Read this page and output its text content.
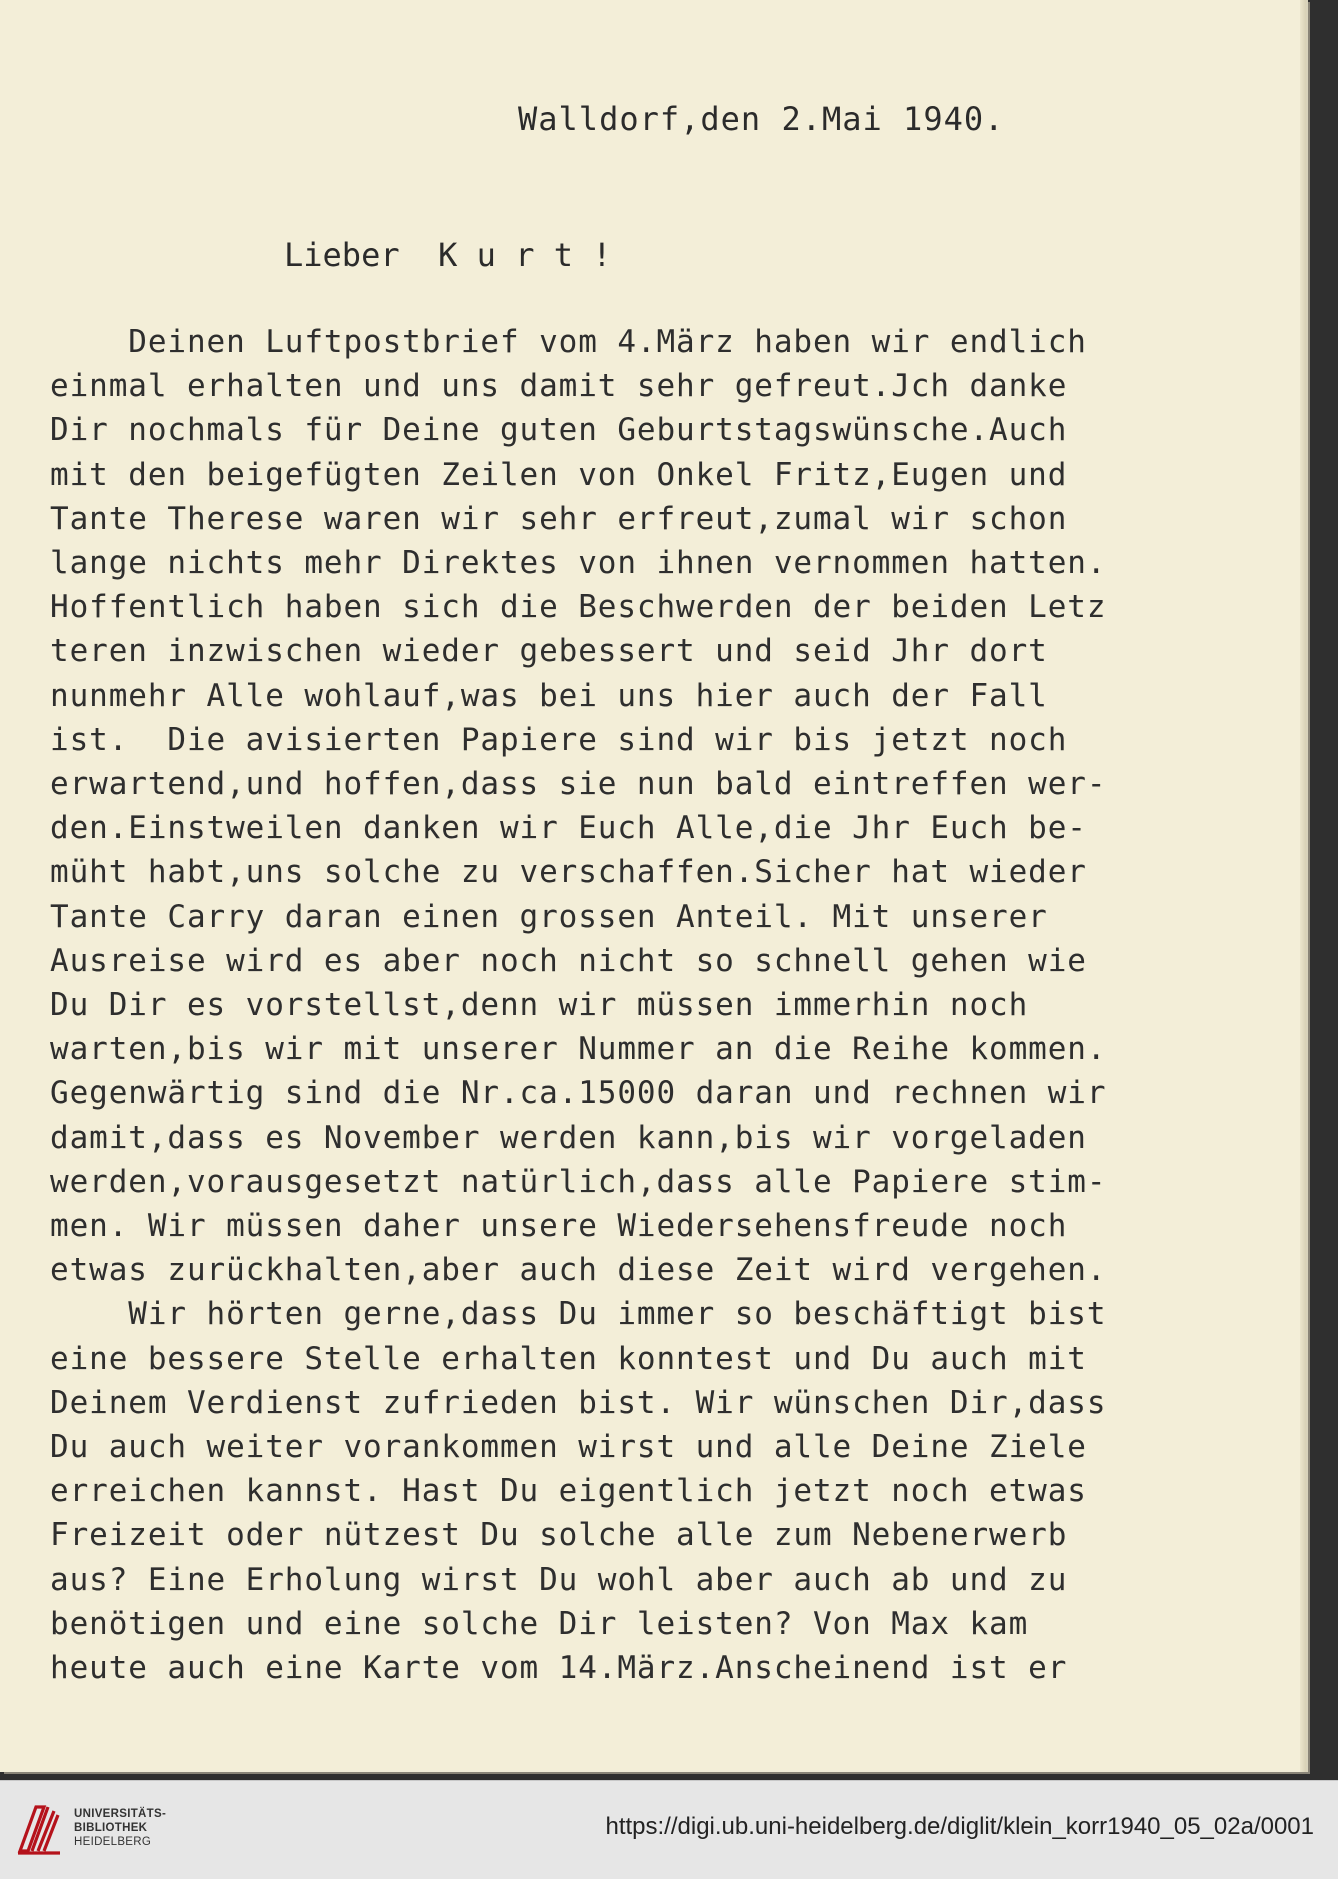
Walldorf,den 2.Mai 1940.
Lieber  K u r t !
Deinen Luftpostbrief vom 4.März haben wir endlich
einmal erhalten und uns damit sehr gefreut.Jch danke
Dir nochmals für Deine guten Geburtstagswünsche.Auch
mit den beigefügten Zeilen von Onkel Fritz,Eugen und
Tante Therese waren wir sehr erfreut,zumal wir schon
lange nichts mehr Direktes von ihnen vernommen hatten.
Hoffentlich haben sich die Beschwerden der beiden Letz
teren inzwischen wieder gebessert und seid Jhr dort
nunmehr Alle wohlauf,was bei uns hier auch der Fall
ist.  Die avisierten Papiere sind wir bis jetzt noch
erwartend,und hoffen,dass sie nun bald eintreffen wer-
den.Einstweilen danken wir Euch Alle,die Jhr Euch be-
müht habt,uns solche zu verschaffen.Sicher hat wieder
Tante Carry daran einen grossen Anteil. Mit unserer
Ausreise wird es aber noch nicht so schnell gehen wie
Du Dir es vorstellst,denn wir müssen immerhin noch
warten,bis wir mit unserer Nummer an die Reihe kommen.
Gegenwärtig sind die Nr.ca.15000 daran und rechnen wir
damit,dass es November werden kann,bis wir vorgeladen
werden,vorausgesetzt natürlich,dass alle Papiere stim-
men. Wir müssen daher unsere Wiedersehensfreude noch
etwas zurückhalten,aber auch diese Zeit wird vergehen.
Wir hörten gerne,dass Du immer so beschäftigt bist
eine bessere Stelle erhalten konntest und Du auch mit
Deinem Verdienst zufrieden bist. Wir wünschen Dir,dass
Du auch weiter vorankommen wirst und alle Deine Ziele
erreichen kannst. Hast Du eigentlich jetzt noch etwas
Freizeit oder nützest Du solche alle zum Nebenerwerb
aus? Eine Erholung wirst Du wohl aber auch ab und zu
benötigen und eine solche Dir leisten? Von Max kam
heute auch eine Karte vom 14.März.Anscheinend ist er
UNIVERSITÄTS-
BIBLIOTHEK
HEIDELBERG
https://digi.ub.uni-heidelberg.de/diglit/klein_korr1940_05_02a/0001
